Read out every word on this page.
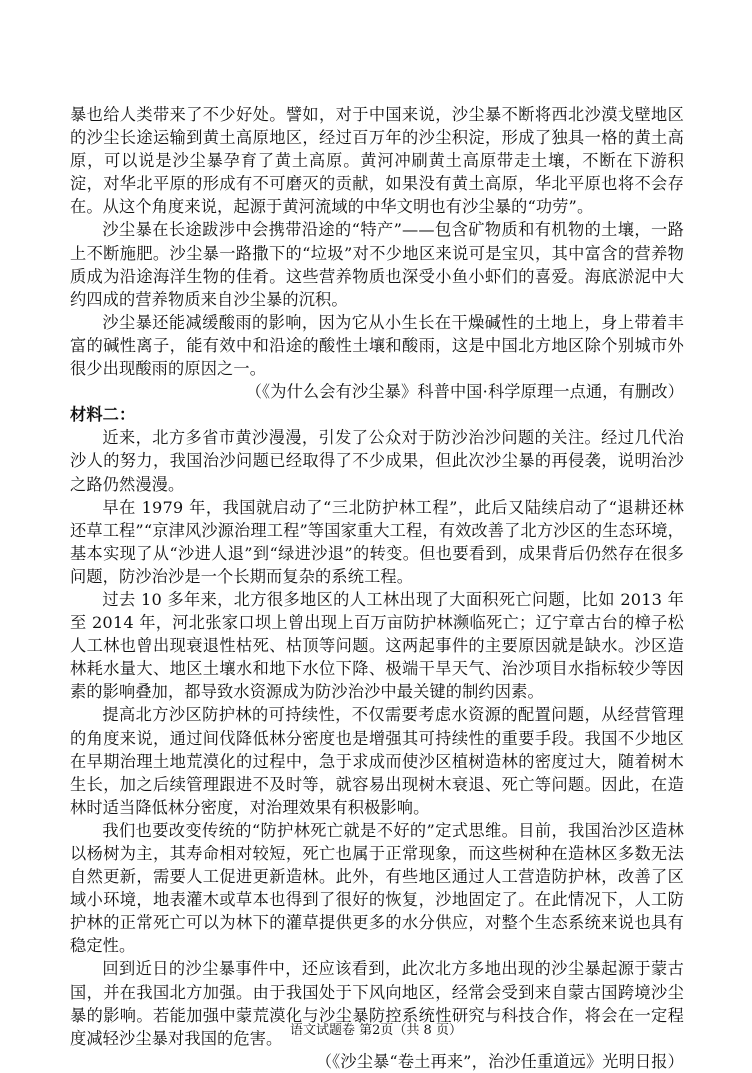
暴也给人类带来了不少好处。譬如，对于中国来说，沙尘暴不断将西北沙漠戈壁地区的沙尘长途运输到黄土高原地区，经过百万年的沙尘积淀，形成了独具一格的黄土高原，可以说是沙尘暴孕育了黄土高原。黄河冲刷黄土高原带走土壤，不断在下游积淀，对华北平原的形成有不可磨灭的贡献，如果没有黄土高原，华北平原也将不会存在。从这个角度来说，起源于黄河流域的中华文明也有沙尘暴的“功劳”。

沙尘暴在长途跋涉中会携带沿途的“特产”——包含矿物质和有机物的土壤，一路上不断施肥。沙尘暴一路撒下的“垃圾”对不少地区来说可是宝贝，其中富含的营养物质成为沿途海洋生物的佳肴。这些营养物质也深受小鱼小虾们的喜爱。海底淤泥中大约四成的营养物质来自沙尘暴的沉积。

沙尘暴还能减缓酸雨的影响，因为它从小生长在干燥碱性的土地上，身上带着丰富的碱性离子，能有效中和沿途的酸性土壤和酸雨，这是中国北方地区除个别城市外很少出现酸雨的原因之一。

（《为什么会有沙尘暴》科普中国·科学原理一点通，有删改）

材料二：

近来，北方多省市黄沙漫漫，引发了公众对于防沙治沙问题的关注。经过几代治沙人的努力，我国治沙问题已经取得了不少成果，但此次沙尘暴的再侵袭，说明治沙之路仍然漫漫。

早在 1979 年，我国就启动了“三北防护林工程”，此后又陆续启动了“退耕还林还草工程”“京津风沙源治理工程”等国家重大工程，有效改善了北方沙区的生态环境，基本实现了从“沙进人退”到“绿进沙退”的转变。但也要看到，成果背后仍然存在很多问题，防沙治沙是一个长期而复杂的系统工程。

过去 10 多年来，北方很多地区的人工林出现了大面积死亡问题，比如 2013 年至 2014 年，河北张家口坝上曾出现上百万亩防护林濒临死亡；辽宁章古台的樟子松人工林也曾出现衰退性枯死、枯顶等问题。这两起事件的主要原因就是缺水。沙区造林耗水量大、地区土壤水和地下水位下降、极端干旱天气、治沙项目水指标较少等因素的影响叠加，都导致水资源成为防沙治沙中最关键的制约因素。

提高北方沙区防护林的可持续性，不仅需要考虑水资源的配置问题，从经营管理的角度来说，通过间伐降低林分密度也是增强其可持续性的重要手段。我国不少地区在早期治理土地荒漠化的过程中，急于求成而使沙区植树造林的密度过大，随着树木生长，加之后续管理跟进不及时等，就容易出现树木衰退、死亡等问题。因此，在造林时适当降低林分密度，对治理效果有积极影响。

我们也要改变传统的“防护林死亡就是不好的”定式思维。目前，我国治沙区造林以杨树为主，其寿命相对较短，死亡也属于正常现象，而这些树种在造林区多数无法自然更新，需要人工促进更新造林。此外，有些地区通过人工营造防护林，改善了区域小环境，地表灌木或草本也得到了很好的恢复，沙地固定了。在此情况下，人工防护林的正常死亡可以为林下的灌草提供更多的水分供应，对整个生态系统来说也具有稳定性。

回到近日的沙尘暴事件中，还应该看到，此次北方多地出现的沙尘暴起源于蒙古国，并在我国北方加强。由于我国处于下风向地区，经常会受到来自蒙古国跨境沙尘暴的影响。若能加强中蒙荒漠化与沙尘暴防控系统性研究与科技合作，将会在一定程度减轻沙尘暴对我国的危害。

（《沙尘暴“卷土再来”，治沙任重道远》光明日报）

语文试题卷 第2页（共 8 页）
